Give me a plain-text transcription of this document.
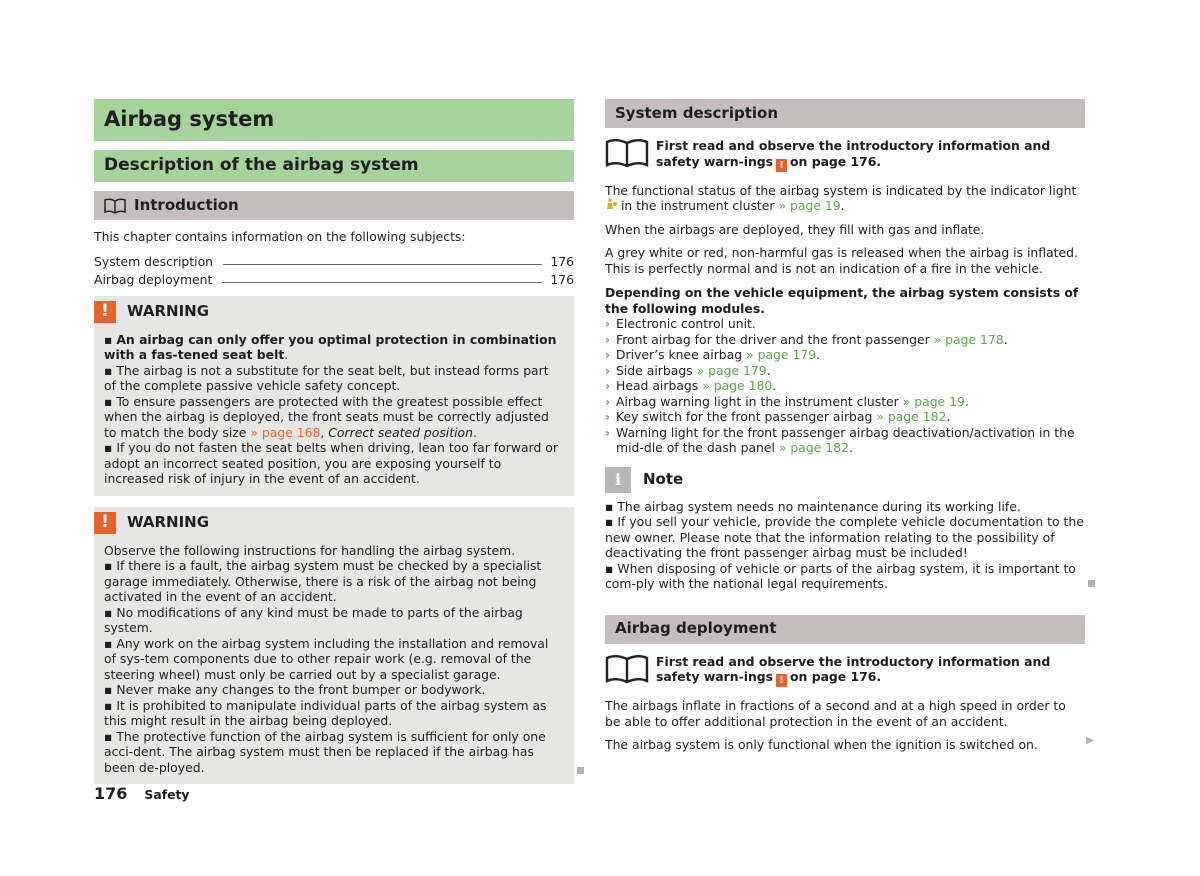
Airbag system
Description of the airbag system
Introduction

This chapter contains information on the following subjects:

System description	176
Airbag deployment	176
!	WARNING

▪ An airbag can only offer you optimal protection in combination with a fas-tened seat belt.

▪ The airbag is not a substitute for the seat belt, but instead forms part of the complete passive vehicle safety concept.

▪ To ensure passengers are protected with the greatest possible effect when the airbag is deployed, the front seats must be correctly adjusted to match the body size » page 168, Correct seated position.

▪ If you do not fasten the seat belts when driving, lean too far forward or adopt an incorrect seated position, you are exposing yourself to increased risk of injury in the event of an accident.

!	WARNING

Observe the following instructions for handling the airbag system.

▪ If there is a fault, the airbag system must be checked by a specialist garage immediately. Otherwise, there is a risk of the airbag not being activated in the event of an accident.

▪ No modifications of any kind must be made to parts of the airbag system.

▪ Any work on the airbag system including the installation and removal of sys-tem components due to other repair work (e.g. removal of the steering wheel) must only be carried out by a specialist garage.

▪ Never make any changes to the front bumper or bodywork.

▪ It is prohibited to manipulate individual parts of the airbag system as this might result in the airbag being deployed.

▪ The protective function of the airbag system is sufficient for only one acci-dent. The airbag system must then be replaced if the airbag has been de-ployed.

System description
First read and observe the introductory information and safety warn-ings ! on page 176.

The functional status of the airbag system is indicated by the indicator light  in the instrument cluster » page 19.

When the airbags are deployed, they fill with gas and inflate.

A grey white or red, non-harmful gas is released when the airbag is inflated. This is perfectly normal and is not an indication of a fire in the vehicle.

Depending on the vehicle equipment, the airbag system consists of the following modules.

› Electronic control unit.
› Front airbag for the driver and the front passenger » page 178.
› Driver’s knee airbag » page 179.
› Side airbags » page 179.
› Head airbags » page 180.
› Airbag warning light in the instrument cluster » page 19.
› Key switch for the front passenger airbag » page 182.
› Warning light for the front passenger airbag deactivation/activation in the mid-dle of the dash panel » page 182.
i	Note

▪ The airbag system needs no maintenance during its working life.

▪ If you sell your vehicle, provide the complete vehicle documentation to the new owner. Please note that the information relating to the possibility of deactivating the front passenger airbag must be included!

▪ When disposing of vehicle or parts of the airbag system, it is important to com-ply with the national legal requirements.

Airbag deployment
First read and observe the introductory information and safety warn-ings ! on page 176.

The airbags inflate in fractions of a second and at a high speed in order to be able to offer additional protection in the event of an accident.

The airbag system is only functional when the ignition is switched on.	▶
176 Safety
